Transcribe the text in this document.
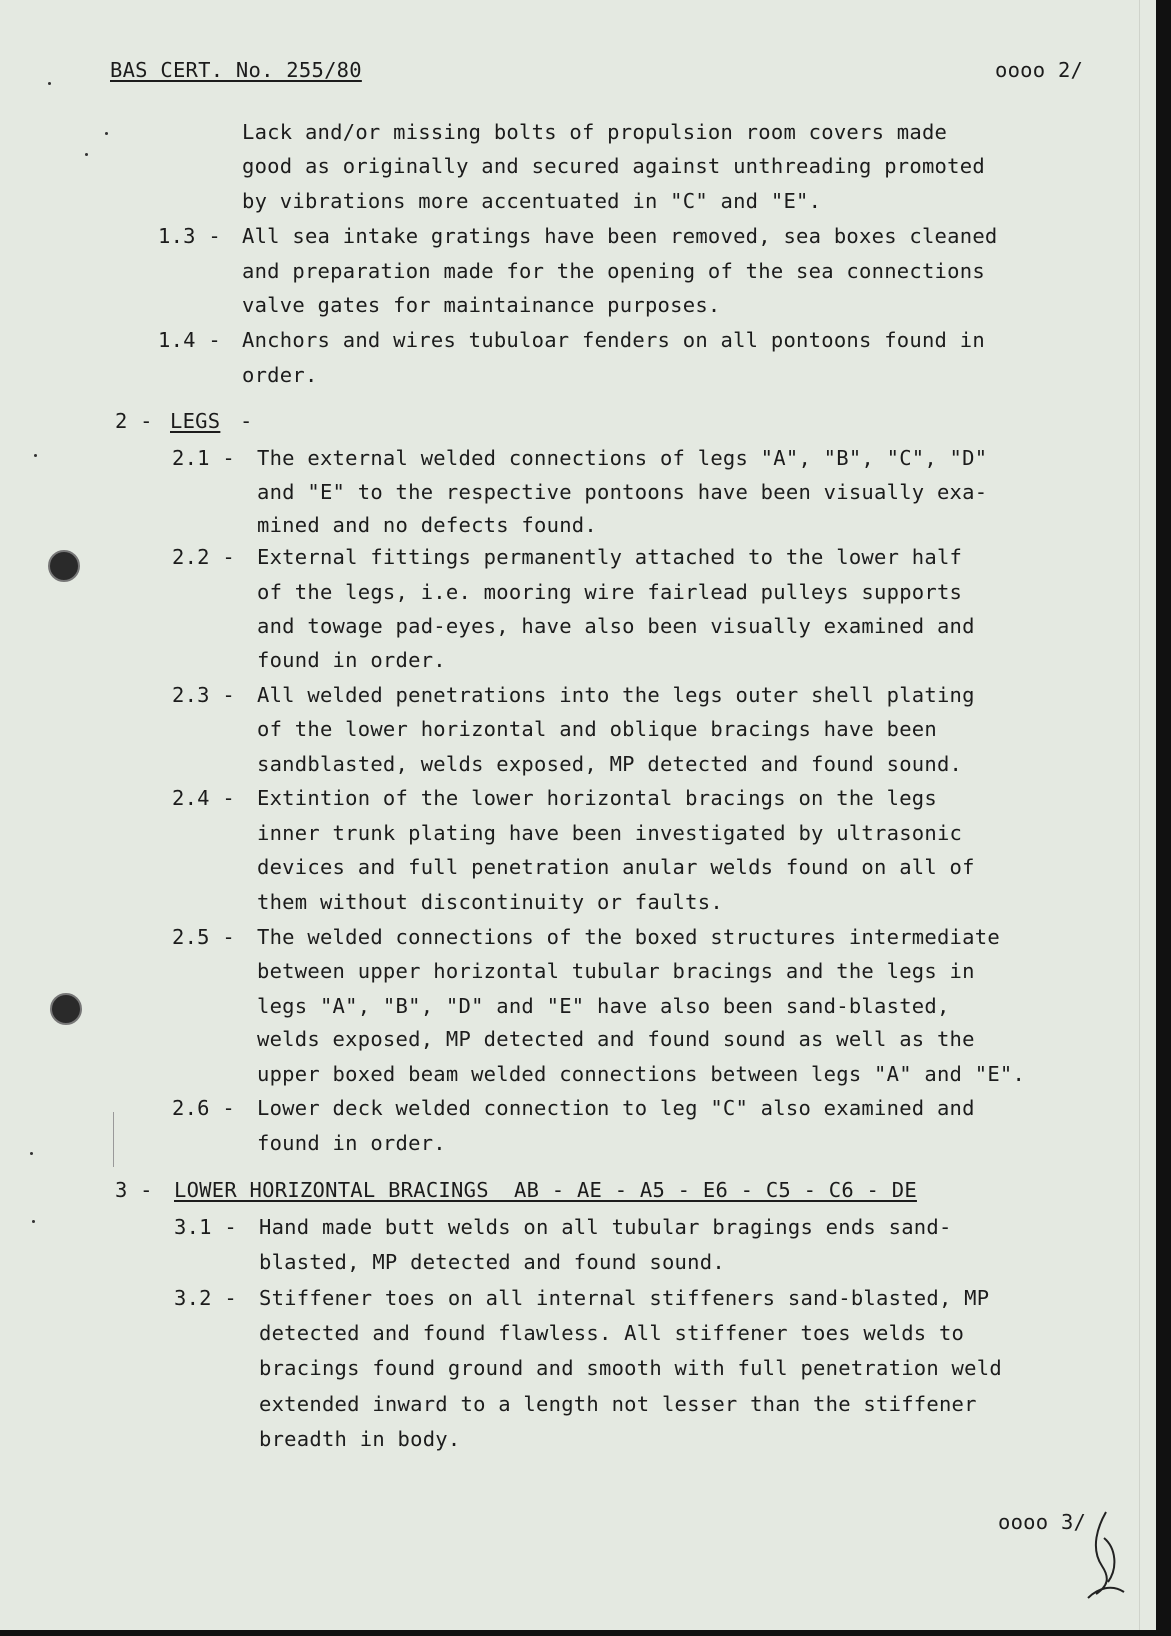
BAS CERT. No. 255/80	oooo 2/
Lack and/or missing bolts of propulsion room covers made
good as originally and secured against unthreading promoted
by vibrations more accentuated in "C" and "E".
1.3 - All sea intake gratings have been removed, sea boxes cleaned
and preparation made for the opening of the sea connections
valve gates for maintainance purposes.
1.4 - Anchors and wires tubuloar fenders on all pontoons found in
order.
2 - LEGS -
2.1 - The external welded connections of legs "A", "B", "C", "D"
and "E" to the respective pontoons have been visually exa-
mined and no defects found.
2.2 - External fittings permanently attached to the lower half
of the legs, i.e. mooring wire fairlead pulleys supports
and towage pad-eyes, have also been visually examined and
found in order.
2.3 - All welded penetrations into the legs outer shell plating
of the lower horizontal and oblique bracings have been
sandblasted, welds exposed, MP detected and found sound.
2.4 - Extintion of the lower horizontal bracings on the legs
inner trunk plating have been investigated by ultrasonic
devices and full penetration anular welds found on all of
them without discontinuity or faults.
2.5 - The welded connections of the boxed structures intermediate
between upper horizontal tubular bracings and the legs in
legs "A", "B", "D" and "E" have also been sand-blasted,
welds exposed, MP detected and found sound as well as the
upper boxed beam welded connections between legs "A" and "E".
2.6 - Lower deck welded connection to leg "C" also examined and
found in order.
3 - LOWER HORIZONTAL BRACINGS  AB - AE - A5 - E6 - C5 - C6 - DE
3.1 - Hand made butt welds on all tubular bragings ends sand-
blasted, MP detected and found sound.
3.2 - Stiffener toes on all internal stiffeners sand-blasted, MP
detected and found flawless. All stiffener toes welds to
bracings found ground and smooth with full penetration weld
extended inward to a length not lesser than the stiffener
breadth in body.
oooo 3/
